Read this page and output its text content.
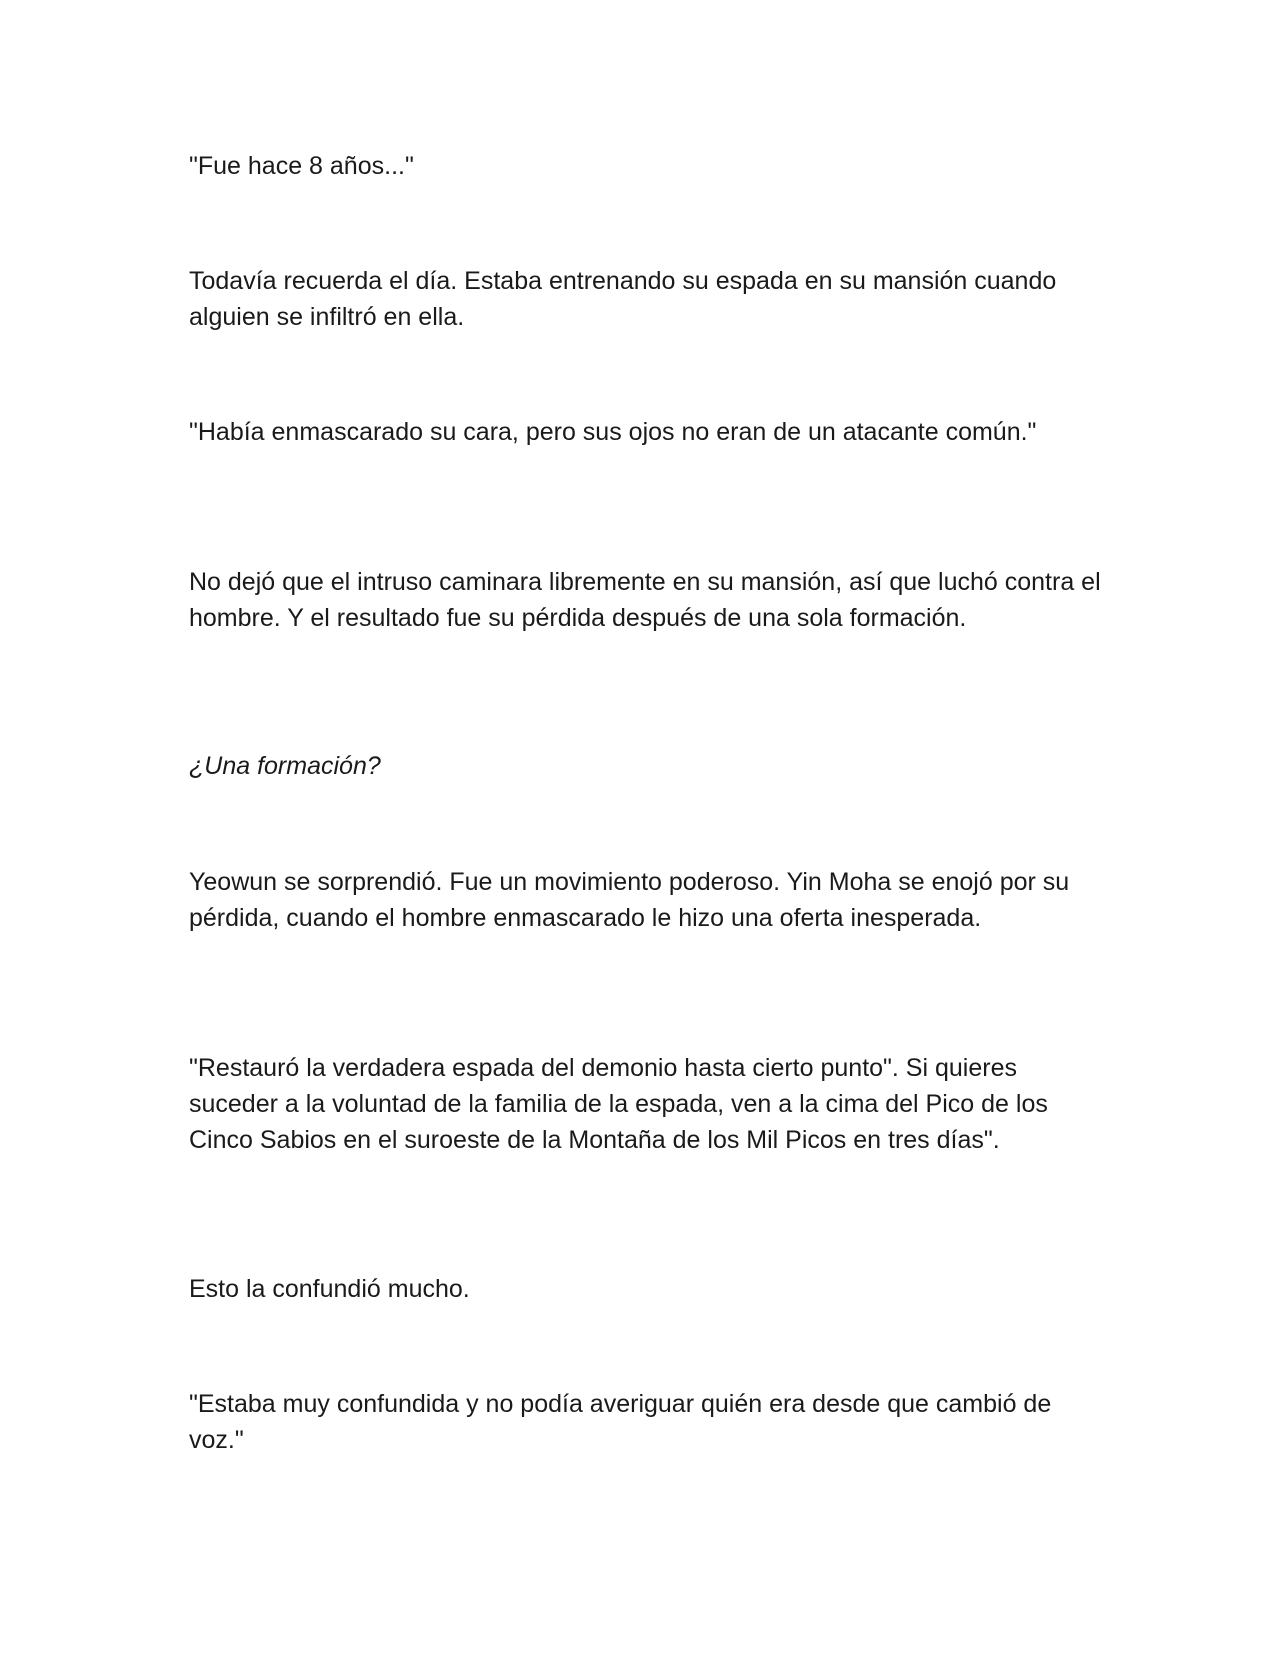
"Fue hace 8 años..."

Todavía recuerda el día. Estaba entrenando su espada en su mansión cuando alguien se infiltró en ella.

"Había enmascarado su cara, pero sus ojos no eran de un atacante común."

No dejó que el intruso caminara libremente en su mansión, así que luchó contra el hombre. Y el resultado fue su pérdida después de una sola formación.

¿Una formación?

Yeowun se sorprendió. Fue un movimiento poderoso. Yin Moha se enojó por su pérdida, cuando el hombre enmascarado le hizo una oferta inesperada.

"Restauró la verdadera espada del demonio hasta cierto punto". Si quieres suceder a la voluntad de la familia de la espada, ven a la cima del Pico de los Cinco Sabios en el suroeste de la Montaña de los Mil Picos en tres días".

Esto la confundió mucho.

"Estaba muy confundida y no podía averiguar quién era desde que cambió de voz."
